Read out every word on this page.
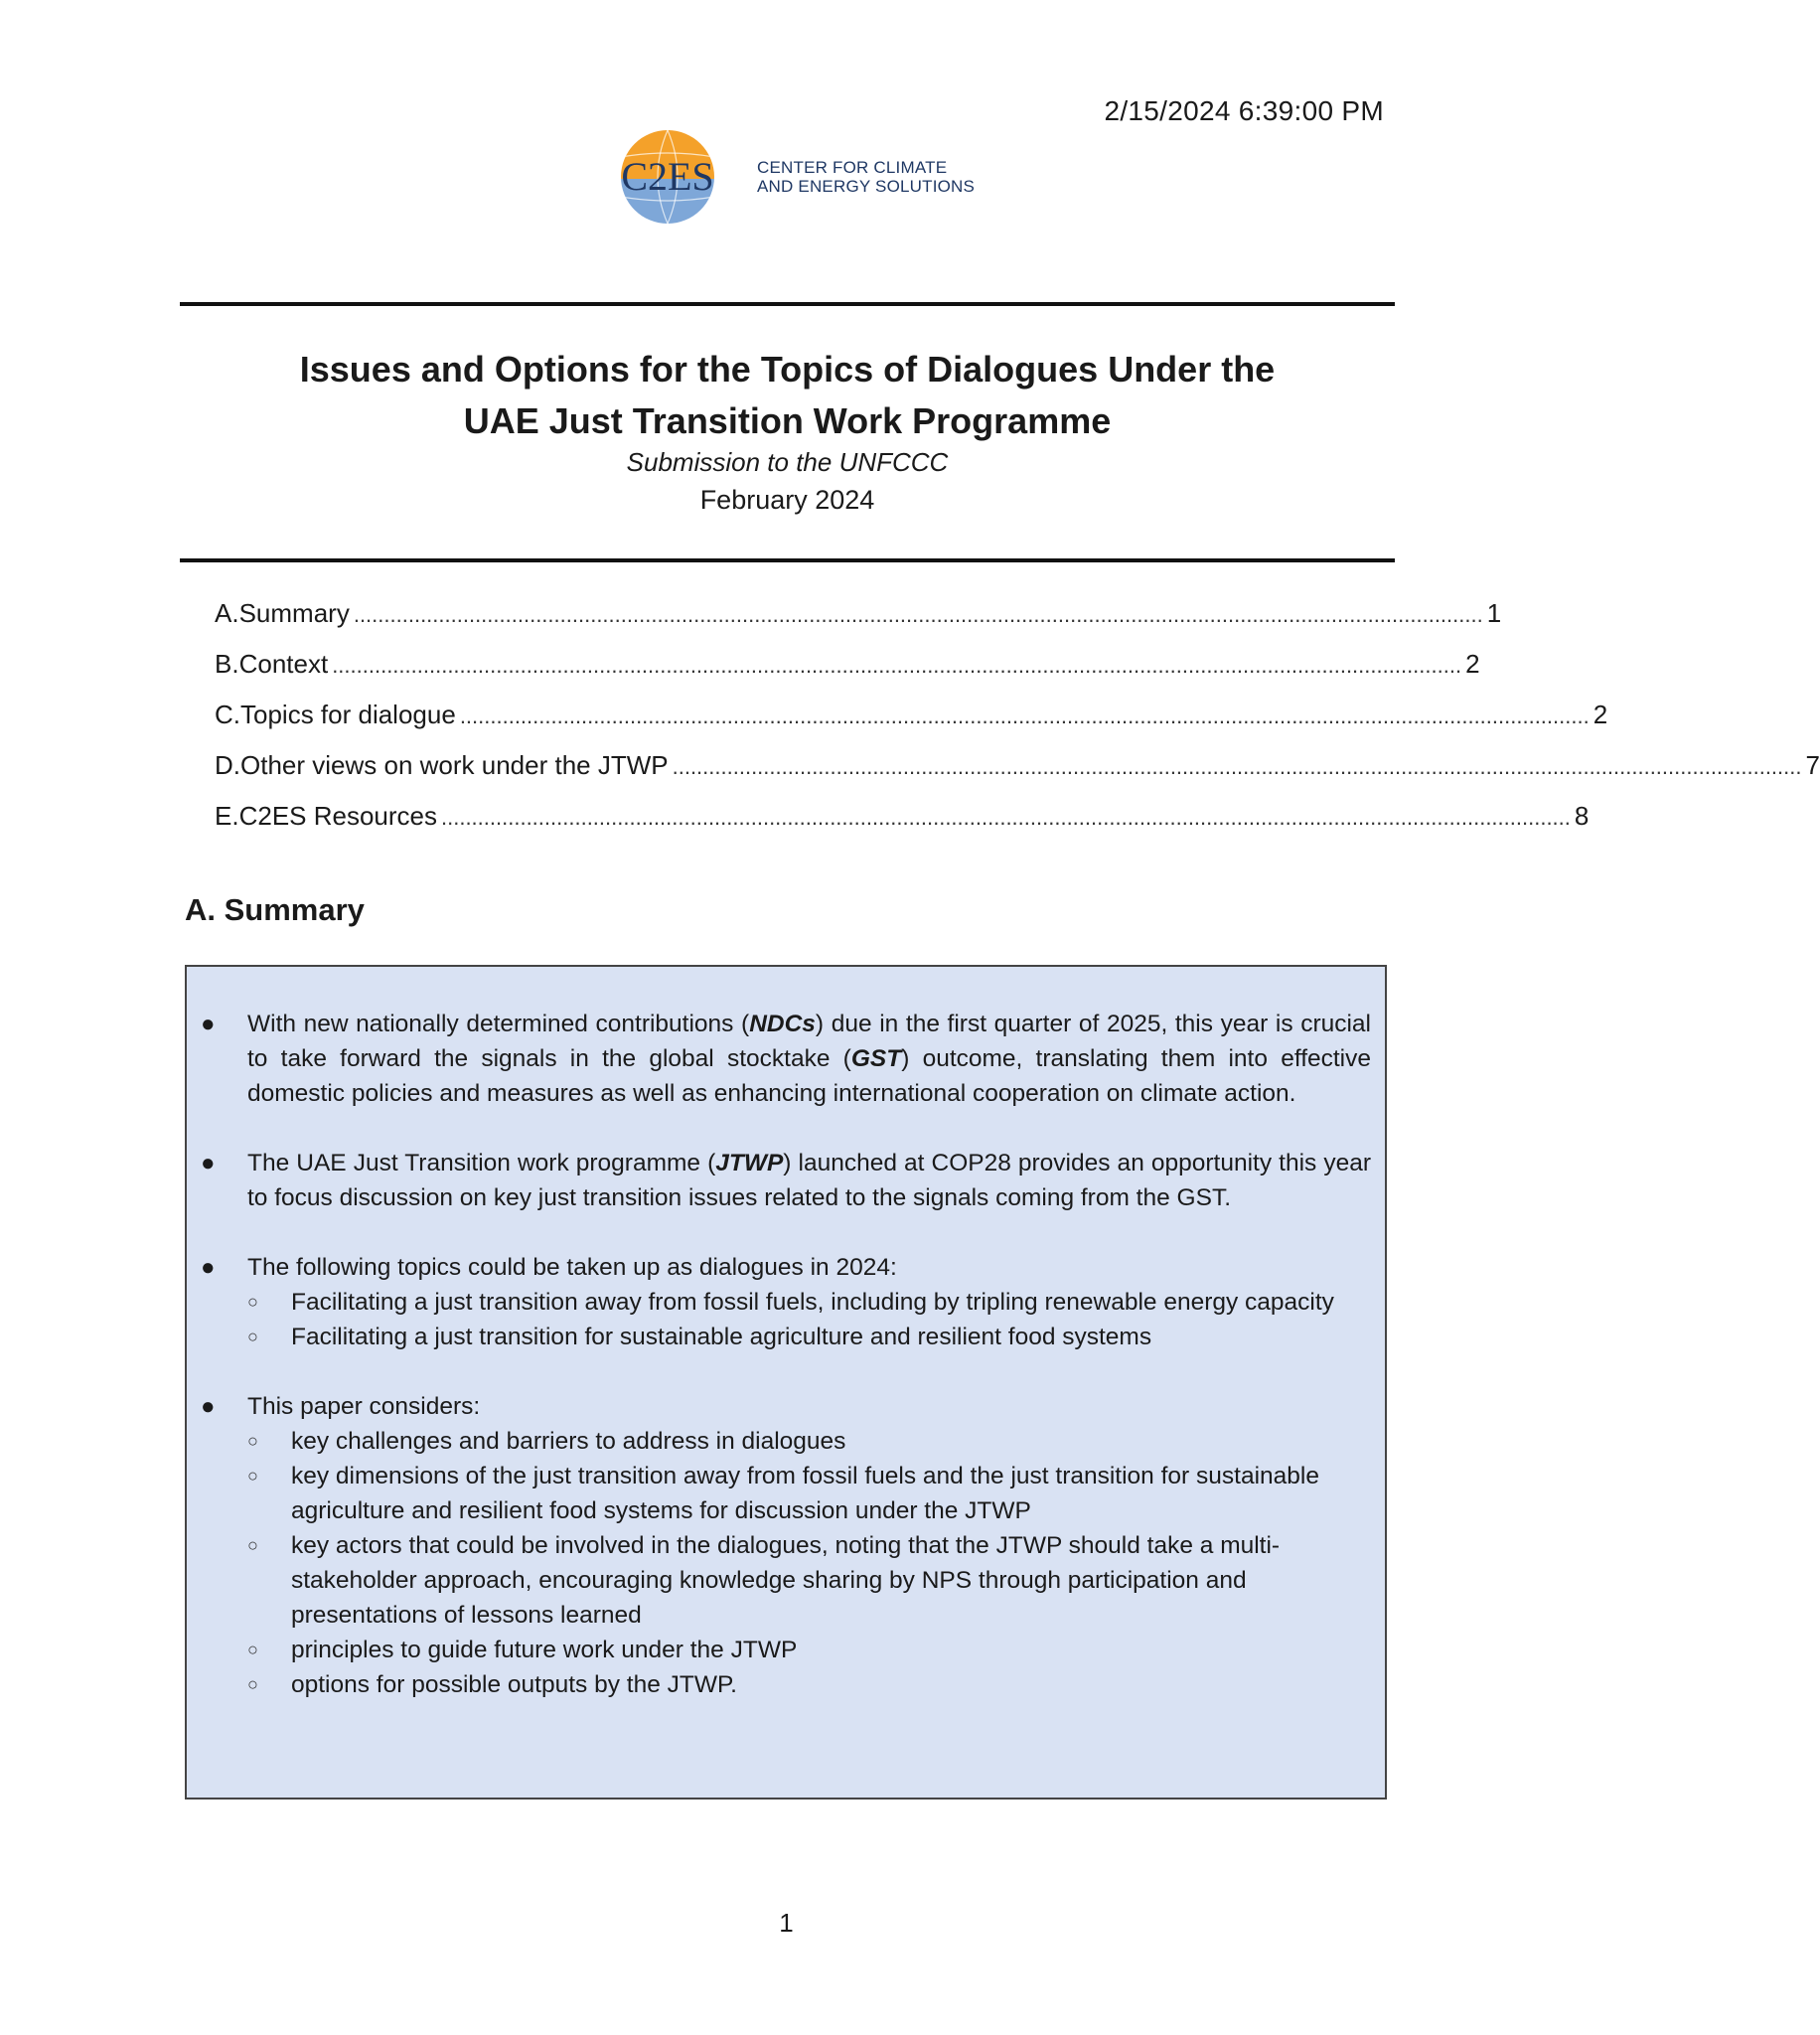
2/15/2024 6:39:00 PM
C2ES	CENTER FOR CLIMATE
AND ENERGY SOLUTIONS
Issues and Options for the Topics of Dialogues Under the
UAE Just Transition Work Programme
Submission to the UNFCCC
February 2024
A. Summary .......................................................................................................................................................................................... 1
B. Context .......................................................................................................................................................................................... 2
C. Topics for dialogue .......................................................................................................................................................................................... 2
D. Other views on work under the JTWP .......................................................................................................................................................................................... 7
E. C2ES Resources .......................................................................................................................................................................................... 8
A. Summary
● With new nationally determined contributions (NDCs) due in the first quarter of 2025, this year is crucial to take forward the signals in the global stocktake (GST) outcome, translating them into effective domestic policies and measures as well as enhancing international cooperation on climate action.

● The UAE Just Transition work programme (JTWP) launched at COP28 provides an opportunity this year to focus discussion on key just transition issues related to the signals coming from the GST.

● The following topics could be taken up as dialogues in 2024:

○ Facilitating a just transition away from fossil fuels, including by tripling renewable energy capacity
○ Facilitating a just transition for sustainable agriculture and resilient food systems
● This paper considers:

○ key challenges and barriers to address in dialogues
○ key dimensions of the just transition away from fossil fuels and the just transition for sustainable agriculture and resilient food systems for discussion under the JTWP
○ key actors that could be involved in the dialogues, noting that the JTWP should take a multi-stakeholder approach, encouraging knowledge sharing by NPS through participation and presentations of lessons learned
○ principles to guide future work under the JTWP
○ options for possible outputs by the JTWP.
1
